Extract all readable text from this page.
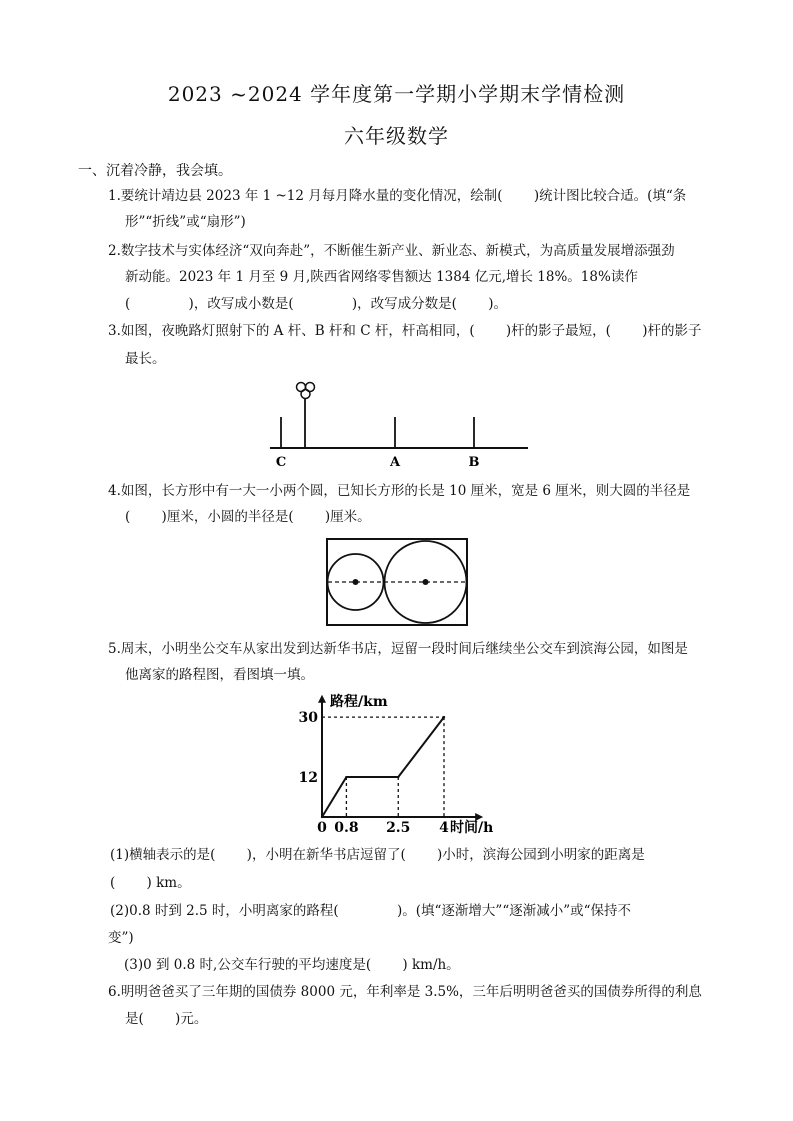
2023 ~2024 学年度第一学期小学期末学情检测
六年级数学
一、沉着冷静，我会填。
1.要统计靖边县 2023 年 1 ~12 月每月降水量的变化情况，绘制(　　 )统计图比较合适。(填“条
形”“折线”或“扇形”)
2.数字技术与实体经济“双向奔赴”，不断催生新产业、新业态、新模式，为高质量发展增添强劲
新动能。2023 年 1 月至 9 月,陕西省网络零售额达 1384 亿元,增长 18%。18%读作
(　　　　 )，改写成小数是(　　　　 )，改写成分数是(　　 )。
3.如图，夜晚路灯照射下的 A 杆、B 杆和 C 杆，杆高相同，(　　 )杆的影子最短，(　　 )杆的影子
最长。
C	A	B
4.如图，长方形中有一大一小两个圆，已知长方形的长是 10 厘米，宽是 6 厘米，则大圆的半径是
(　　 )厘米，小圆的半径是(　　 )厘米。
5.周末，小明坐公交车从家出发到达新华书店，逗留一段时间后继续坐公交车到滨海公园，如图是
他离家的路程图，看图填一填。
0 0.8 2.5 4
12
30
路程/km
时间/h
(1)横轴表示的是(　　 )，小明在新华书店逗留了(　　 )小时，滨海公园到小明家的距离是
(　　 ) km。
(2)0.8 时到 2.5 时，小明离家的路程(　　　　 )。(填“逐渐增大”“逐渐减小”或“保持不
变”)
(3)0 到 0.8 时,公交车行驶的平均速度是(　　 ) km/h。
6.明明爸爸买了三年期的国债券 8000 元，年利率是 3.5%，三年后明明爸爸买的国债券所得的利息
是(　　 )元。
